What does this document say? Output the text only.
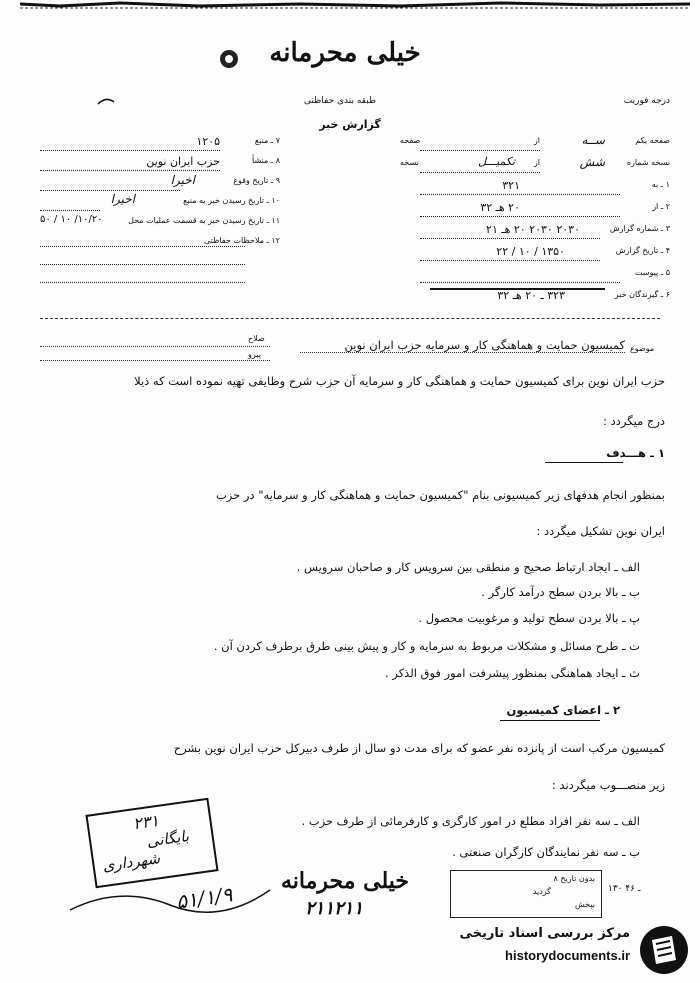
خیلی محرمانه
طبقه بندی حفاظتی
گزارش خبر
درجه فوریت
صفحه یکم
از	ســه
صفحه
نسخه شماره
تکمیـــل از	شش
نسخه
۱ ـ به
۳۲۱
۲ ـ از
۲۰ هـ ۳۲
۳ ـ شماره گزارش
۲۰۳۰ ۲۰۳۰ ۲۰ هـ ۲۱
۴ ـ تاریخ گزارش
۱۳۵۰ / ۱۰ / ۲۲
۵ ـ پیوست
۶ ـ گیرندگان خبر
۳۲۳ ـ ۲۰ هـ ۳۲
۷ ـ منبع
۱۲۰۵
۸ ـ منشأ
حزب ایران نوین
۹ ـ تاریخ وقوع
اخیرا
۱۰ ـ تاریخ رسیدن خبر به منبع
اخیرا
۱۱ ـ تاریخ رسیدن خبر به قسمت عملیات محل
۱۰/۲۰/ ۱۰ / ۵۰
۱۲ ـ ملاحظات حفاظتی
صلاح
پیرو
موضوع
کمیسیون حمایت و هماهنگی کار و سرمایه حزب ایران نوین
حزب ایران نوین برای کمیسیون حمایت و هماهنگی کار و سرمایه آن حزب شرح وظایفی تهیه نموده است که ذیلا
درج میگردد :
۱ ـ هـــدف
بمنظور انجام هدفهای زیر کمیسیونی بنام "کمیسیون حمایت و هماهنگی کار و سرمایه" در حزب
ایران نوین تشکیل میگردد :
الف ـ ایجاد ارتباط صحیح و منطقی بین سرویس کار و صاحبان سرویس .
ب ـ بالا بردن سطح درآمد کارگر .
پ ـ بالا بردن سطح تولید و مرغوبیت محصول .
ت ـ طرح مسائل و مشکلات مربوط به سرمایه و کار و پیش بینی طرق برطرف کردن آن .
ث ـ ایجاد هماهنگی بمنظور پیشرفت امور فوق الذکر .
۲ ـ اعضای کمیسیون
کمیسیون مرکب است از پانزده نفر عضو که برای مدت دو سال از طرف دبیرکل حزب ایران نوین بشرح
زیر منصـــوب میگردند :
الف ـ سه نفر افراد مطلع در امور کارگری و کارفرمائی از طرف حزب .
ب ـ سه نفر نمایندگان کارگران صنعتی .
۲۳۱
بایگانی
شهرداری
۵۱/۱/۹
خیلی محرمانه
۲۱۱۲۱۱
بدون تاریخ ۸
گردید
بپخش
۱۳۰ ـ ۴۶
مرکز بررسی اسناد تاریخی
historydocuments.ir
